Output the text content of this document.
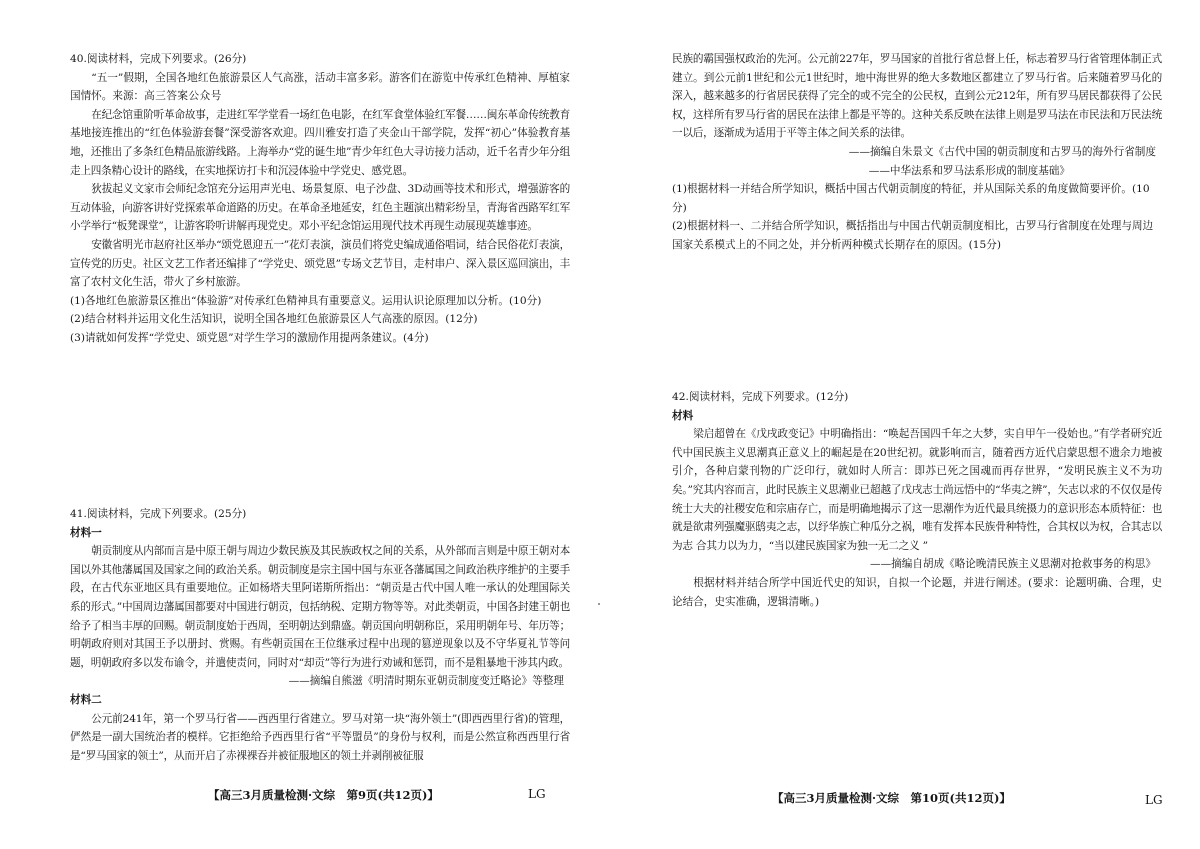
40.阅读材料，完成下列要求。(26分)

“五一”假期，全国各地红色旅游景区人气高涨，活动丰富多彩。游客们在游览中传承红色精神、厚植家国情怀。来源：高三答案公众号

在纪念馆重阶听革命故事，走进红军学堂看一场红色电影，在红军食堂体验红军餐……闽东革命传统教育基地接连推出的“红色体验游套餐”深受游客欢迎。四川雅安打造了夹金山干部学院，发挥“初心”体验教育基地，还推出了多条红色精品旅游线路。上海举办“党的诞生地”青少年红色大寻访接力活动，近千名青少年分组走上四条精心设计的路线，在实地探访打卡和沉浸体验中学党史、感党恩。

狄拔起义文家市会师纪念馆充分运用声光电、场景复原、电子沙盘、3D动画等技术和形式，增强游客的互动体验，向游客讲好党探索革命道路的历史。在革命圣地延安，红色主题演出精彩纷呈，青海省西路军红军小学举行“板凳课堂”，让游客聆听讲解再现党史。邓小平纪念馆运用现代技术再现生动展现英雄事迹。

安徽省明光市赵府社区举办“颂党恩迎五一”花灯表演，演员们将党史编成通俗唱词，结合民俗花灯表演，宣传党的历史。社区文艺工作者还编排了“学党史、颂党恩”专场文艺节目，走村串户、深入景区巡回演出，丰富了农村文化生活，带火了乡村旅游。

(1)各地红色旅游景区推出“体验游”对传承红色精神具有重要意义。运用认识论原理加以分析。(10分)

(2)结合材料并运用文化生活知识，说明全国各地红色旅游景区人气高涨的原因。(12分)

(3)请就如何发挥“学党史、颂党恩”对学生学习的激励作用提两条建议。(4分)

41.阅读材料，完成下列要求。(25分)

材料一

朝贡制度从内部而言是中原王朝与周边少数民族及其民族政权之间的关系，从外部而言则是中原王朝对本国以外其他藩属国及国家之间的政治关系。朝贡制度是宗主国中国与东亚各藩属国之间政治秩序维护的主要手段，在古代东亚地区具有重要地位。正如杨塔夫里阿诺斯所指出：“朝贡是古代中国人唯一承认的处理国际关系的形式。”中国周边藩属国都要对中国进行朝贡，包括纳税、定期方物等等。对此类朝贡，中国各封建王朝也给予了相当丰厚的回赐。朝贡制度始于西周，至明朝达到鼎盛。朝贡国向明朝称臣，采用明朝年号、年历等；明朝政府则对其国王予以册封、赏赐。有些朝贡国在王位继承过程中出现的篡逆现象以及不守华夏礼节等问题，明朝政府多以发布谕令，并遣使责问，同时对“却贡”等行为进行劝诫和惩罚，而不是粗暴地干涉其内政。

——摘编自熊滋《明清时期东亚朝贡制度变迁略论》等整理

材料二

公元前241年，第一个罗马行省——西西里行省建立。罗马对第一块“海外领土”(即西西里行省)的管理，俨然是一副大国统治者的模样。它拒绝给予西西里行省“平等盟员”的身份与权利，而是公然宣称西西里行省是“罗马国家的领土”，从而开启了赤裸裸吞并被征服地区的领土并剥削被征服

【高三3月质量检测·文综　第9页(共12页)】	LG

民族的霸国强权政治的先河。公元前227年，罗马国家的首批行省总督上任，标志着罗马行省管理体制正式建立。到公元前1世纪和公元1世纪时，地中海世界的绝大多数地区都建立了罗马行省。后来随着罗马化的深入，越来越多的行省居民获得了完全的或不完全的公民权，直到公元212年，所有罗马居民都获得了公民权，这样所有罗马行省的居民在法律上都是平等的。这种关系反映在法律上则是罗马法在市民法和万民法统一以后，逐渐成为适用于平等主体之间关系的法律。

——摘编自朱景文《古代中国的朝贡制度和古罗马的海外行省制度

——中华法系和罗马法系形成的制度基础》

(1)根据材料一并结合所学知识，概括中国古代朝贡制度的特征，并从国际关系的角度做简要评价。(10分)

(2)根据材料一、二并结合所学知识，概括指出与中国古代朝贡制度相比，古罗马行省制度在处理与周边国家关系模式上的不同之处，并分析两种模式长期存在的原因。(15分)

42.阅读材料，完成下列要求。(12分)

材料

梁启超曾在《戊戌政变记》中明确指出：“唤起吾国四千年之大梦，实自甲午一役始也。”有学者研究近代中国民族主义思潮真正意义上的崛起是在20世纪初。就影响而言，随着西方近代启蒙思想不遗余力地被引介，各种启蒙刊物的广泛印行，就如时人所言：即苏已死之国魂而再存世界，“发明民族主义不为功矣。”究其内容而言，此时民族主义思潮业已超越了戊戌志士尚远悟中的“华夷之辨”，矢志以求的不仅仅是传统士大夫的社稷安危和宗庙存亡，而是明确地揭示了这一思潮作为近代最具统摄力的意识形态本质特征：也就是欲肃列强魔驱鸱夷之志，以纾华族亡种瓜分之祸，唯有发挥本民族骨种特性，合其权以为权，合其志以为志 合其力以为力，“当以建民族国家为独一无二之义 ”

——摘编自胡成《略论晚清民族主义思潮对抢救事务的构思》

根据材料并结合所学中国近代史的知识，自拟一个论题，并进行阐述。(要求：论题明确、合理，史论结合，史实准确，逻辑清晰。)

【高三3月质量检测·文综　第10页(共12页)】	LG
